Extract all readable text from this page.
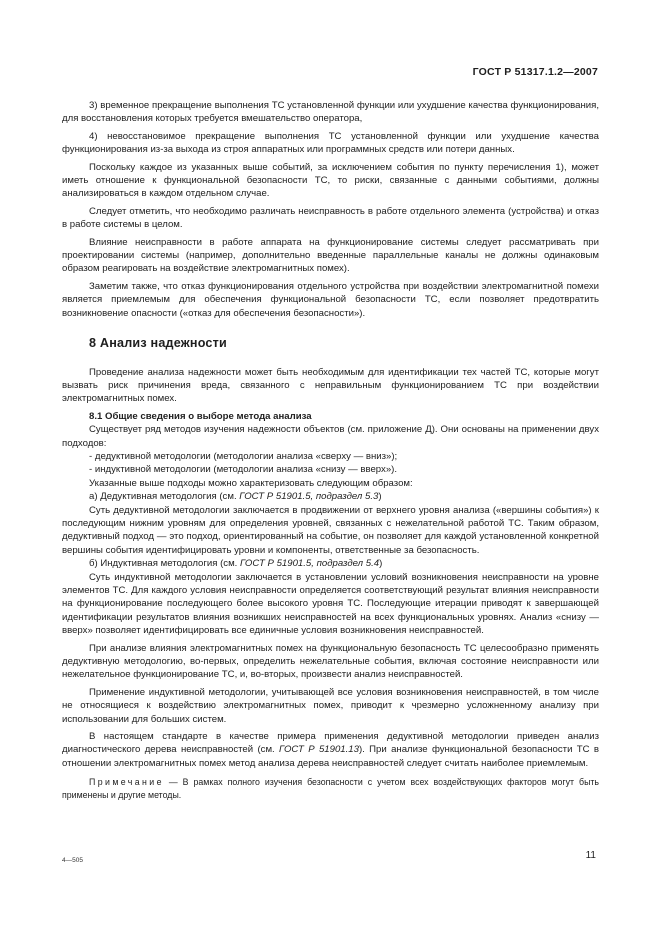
ГОСТ Р 51317.1.2—2007

3) временное прекращение выполнения ТС установленной функции или ухудшение качества функционирования, для восстановления которых требуется вмешательство оператора,

4) невосстановимое прекращение выполнения ТС установленной функции или ухудшение качества функционирования из-за выхода из строя аппаратных или программных средств или потери данных.

Поскольку каждое из указанных выше событий, за исключением события по пункту перечисления 1), может иметь отношение к функциональной безопасности ТС, то риски, связанные с данными событиями, должны анализироваться в каждом отдельном случае.

Следует отметить, что необходимо различать неисправность в работе отдельного элемента (устройства) и отказ в работе системы в целом.

Влияние неисправности в работе аппарата на функционирование системы следует рассматривать при проектировании системы (например, дополнительно введенные параллельные каналы не должны одинаковым образом реагировать на воздействие электромагнитных помех).

Заметим также, что отказ функционирования отдельного устройства при воздействии электромагнитной помехи является приемлемым для обеспечения функциональной безопасности ТС, если позволяет предотвратить возникновение опасности («отказ для обеспечения безопасности»).

8 Анализ надежности

Проведение анализа надежности может быть необходимым для идентификации тех частей ТС, которые могут вызвать риск причинения вреда, связанного с неправильным функционированием ТС при воздействии электромагнитных помех.

8.1 Общие сведения о выборе метода анализа

Существует ряд методов изучения надежности объектов (см. приложение Д). Они основаны на применении двух подходов:

- дедуктивной методологии (методологии анализа «сверху — вниз»);

- индуктивной методологии (методологии анализа «снизу — вверх»).

Указанные выше подходы можно характеризовать следующим образом:

а) Дедуктивная методология (см. ГОСТ Р 51901.5, подраздел 5.3)

Суть дедуктивной методологии заключается в продвижении от верхнего уровня анализа («вершины события») к последующим нижним уровням для определения уровней, связанных с нежелательной работой ТС. Таким образом, дедуктивный подход — это подход, ориентированный на событие, он позволяет для каждой установленной конкретной вершины события идентифицировать уровни и компоненты, ответственные за безопасность.

б) Индуктивная методология (см. ГОСТ Р 51901.5, подраздел 5.4)

Суть индуктивной методологии заключается в установлении условий возникновения неисправности на уровне элементов ТС. Для каждого условия неисправности определяется соответствующий результат влияния неисправности на функционирование последующего более высокого уровня ТС. Последующие итерации приводят к завершающей идентификации результатов влияния возникших неисправностей на всех функциональных уровнях. Анализ «снизу — вверх» позволяет идентифицировать все единичные условия возникновения неисправностей.

При анализе влияния электромагнитных помех на функциональную безопасность ТС целесообразно применять дедуктивную методологию, во-первых, определить нежелательные события, включая состояние неисправности или нежелательное функционирование ТС, и, во-вторых, произвести анализ неисправностей.

Применение индуктивной методологии, учитывающей все условия возникновения неисправностей, в том числе не относящиеся к воздействию электромагнитных помех, приводит к чрезмерно усложненному анализу при использовании для больших систем.

В настоящем стандарте в качестве примера применения дедуктивной методологии приведен анализ диагностического дерева неисправностей (см. ГОСТ Р 51901.13). При анализе функциональной безопасности ТС в отношении электромагнитных помех метод анализа дерева неисправностей следует считать наиболее приемлемым.

Примечание — В рамках полного изучения безопасности с учетом всех воздействующих факторов могут быть применены и другие методы.

4—505	11
